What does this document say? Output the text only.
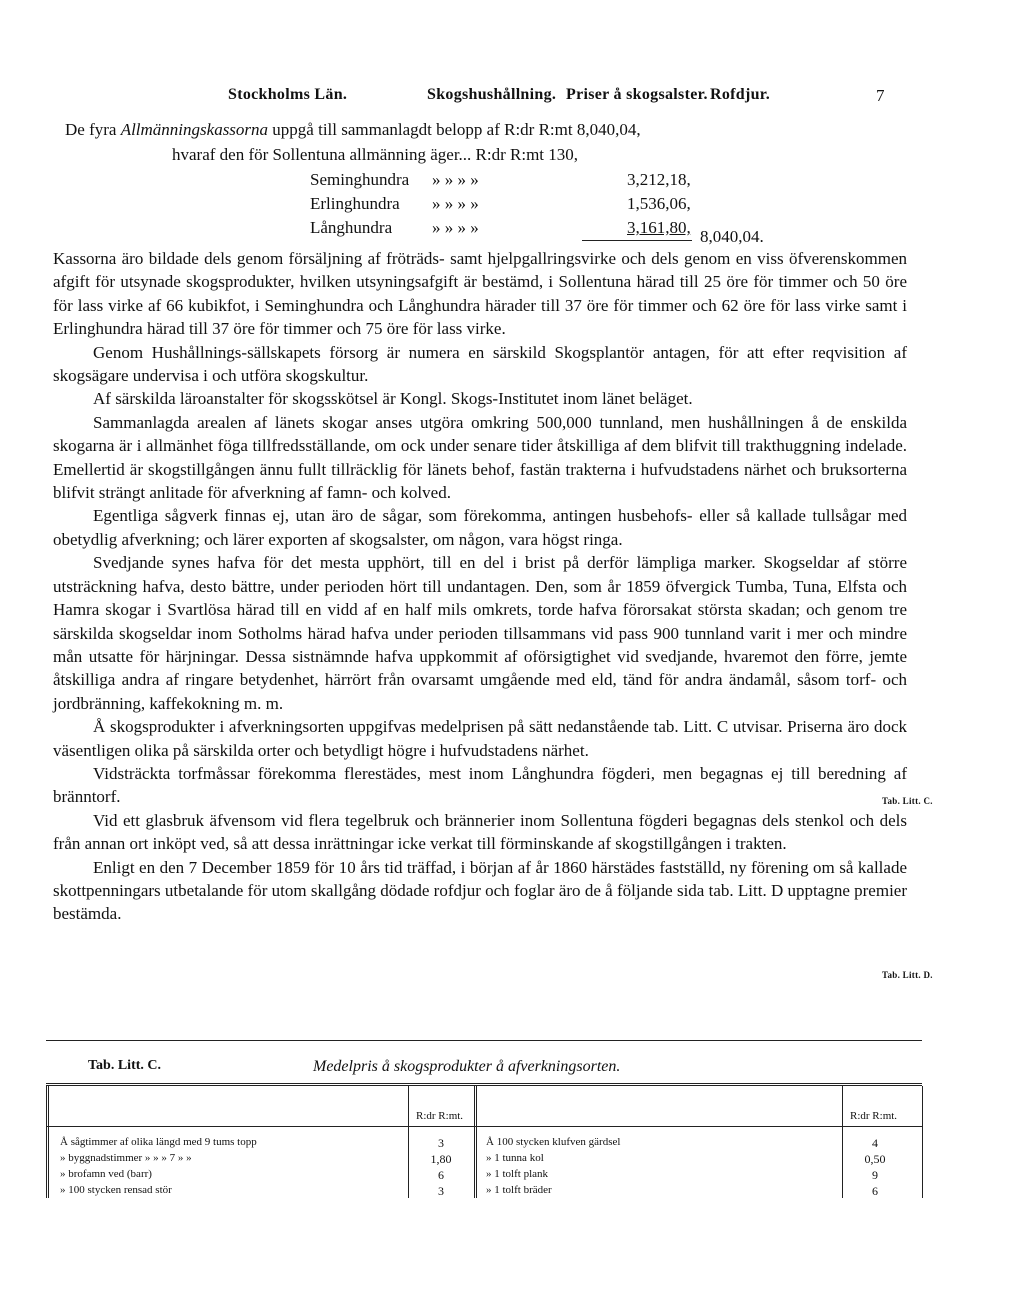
Stockholms Län.	Skogshushållning. Priser å skogsalster. Rofdjur.	7
De fyra Allmänningskassorna uppgå till sammanlagdt belopp af R:dr R:mt 8,040,04,
hvaraf den för Sollentuna allmänning äger... R:dr R:mt 130,
Seminghundra » » » »	3,212,18,
Erlinghundra » » » »	1,536,06,
Långhundra » » » »	3,161,80, 8,040,04.

Kassorna äro bildade dels genom försäljning af fröträds- samt hjelpgallringsvirke och dels genom en viss öfverenskommen afgift för utsynade skogsprodukter, hvilken utsyningsafgift är bestämd, i Sollentuna härad till 25 öre för timmer och 50 öre för lass virke af 66 kubikfot, i Seminghundra och Långhundra härader till 37 öre för timmer och 62 öre för lass virke samt i Erlinghundra härad till 37 öre för timmer och 75 öre för lass virke.

Genom Hushållnings-sällskapets försorg är numera en särskild Skogsplantör antagen, för att efter reqvisition af skogsägare undervisa i och utföra skogskultur.

Af särskilda läroanstalter för skogsskötsel är Kongl. Skogs-Institutet inom länet beläget.

Sammanlagda arealen af länets skogar anses utgöra omkring 500,000 tunnland, men hushållningen å de enskilda skogarna är i allmänhet föga tillfredsställande, om ock under senare tider åtskilliga af dem blifvit till trakthuggning indelade. Emellertid är skogstillgången ännu fullt tillräcklig för länets behof, fastän trakterna i hufvudstadens närhet och bruksorterna blifvit strängt anlitade för afverkning af famn- och kolved.

Egentliga sågverk finnas ej, utan äro de sågar, som förekomma, antingen husbehofs- eller så kallade tullsågar med obetydlig afverkning; och lärer exporten af skogsalster, om någon, vara högst ringa.

Svedjande synes hafva för det mesta upphört, till en del i brist på derför lämpliga marker. Skogseldar af större utsträckning hafva, desto bättre, under perioden hört till undantagen. Den, som år 1859 öfvergick Tumba, Tuna, Elfsta och Hamra skogar i Svartlösa härad till en vidd af en half mils omkrets, torde hafva förorsakat största skadan; och genom tre särskilda skogseldar inom Sotholms härad hafva under perioden tillsammans vid pass 900 tunnland varit i mer och mindre mån utsatte för härjningar. Dessa sistnämnde hafva uppkommit af oförsigtighet vid svedjande, hvaremot den förre, jemte åtskilliga andra af ringare betydenhet, härrört från ovarsamt umgående med eld, tänd för andra ändamål, såsom torf- och jordbränning, kaffekokning m. m.

Å skogsprodukter i afverkningsorten uppgifvas medelprisen på sätt nedanstående tab. Litt. C utvisar. Priserna äro dock väsentligen olika på särskilda orter och betydligt högre i hufvudstadens närhet.

Vidsträckta torfmåssar förekomma flerestädes, mest inom Långhundra fögderi, men begagnas ej till beredning af bränntorf.

Vid ett glasbruk äfvensom vid flera tegelbruk och brännerier inom Sollentuna fögderi begagnas dels stenkol och dels från annan ort inköpt ved, så att dessa inrättningar icke verkat till förminskande af skogstillgången i trakten.

Enligt en den 7 December 1859 för 10 års tid träffad, i början af år 1860 härstädes fastställd, ny förening om så kallade skottpenningars utbetalande för utom skallgång dödade rofdjur och foglar äro de å följande sida tab. Litt. D upptagne premier bestämda.

Tab. Litt. C.
Tab. Litt. D.
Tab. Litt. C.	Medelpris å skogsprodukter å afverkningsorten.
R:dr R:mt.	R:dr R:mt.
Å sågtimmer af olika längd med 9 tums topp	3
» byggnadstimmer » » » 7 » »	1,80
» brofamn ved (barr)	6
» 100 stycken rensad stör	3
Å 100 stycken klufven gärdsel	4
» 1 tunna kol	0,50
» 1 tolft plank	9
» 1 tolft bräder	6
